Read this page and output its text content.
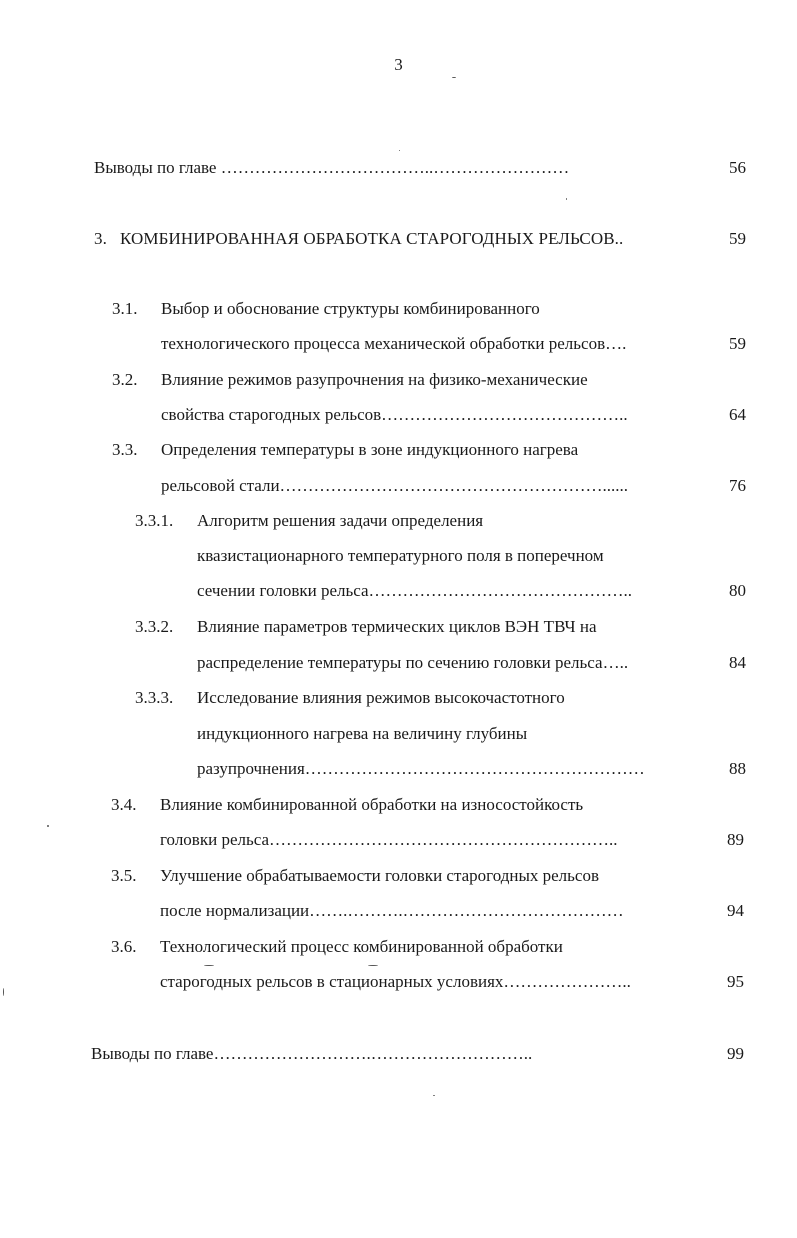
3
Выводы по главе ………………………………..……………………	56
3. КОМБИНИРОВАННАЯ ОБРАБОТКА СТАРОГОДНЫХ РЕЛЬСОВ..	59
3.1. Выбор и обоснование структуры комбинированного
технологического процесса механической обработки рельсов….	59
3.2. Влияние режимов разупрочнения на физико-механические
свойства старогодных рельсов……………………………………..	64
3.3. Определения температуры в зоне индукционного нагрева
рельсовой стали…………………………………………………......	76
3.3.1. Алгоритм решения задачи определения
квазистационарного температурного поля в поперечном
сечении головки рельса………………………………………..	80
3.3.2. Влияние параметров термических циклов ВЭН ТВЧ на
распределение температуры по сечению головки рельса…..	84
3.3.3. Исследование влияния режимов высокочастотного
индукционного нагрева на величину глубины
разупрочнения……………………………………………………	88
3.4. Влияние комбинированной обработки на износостойкость
головки рельса……………………………………………………..	89
3.5. Улучшение обрабатываемости головки старогодных рельсов
после нормализации…….……….…………………………………	94
3.6. Технологический процесс комбинированной обработки
старогодных рельсов в стационарных условиях…………………..	95
Выводы по главе……………………….………………………..	99
